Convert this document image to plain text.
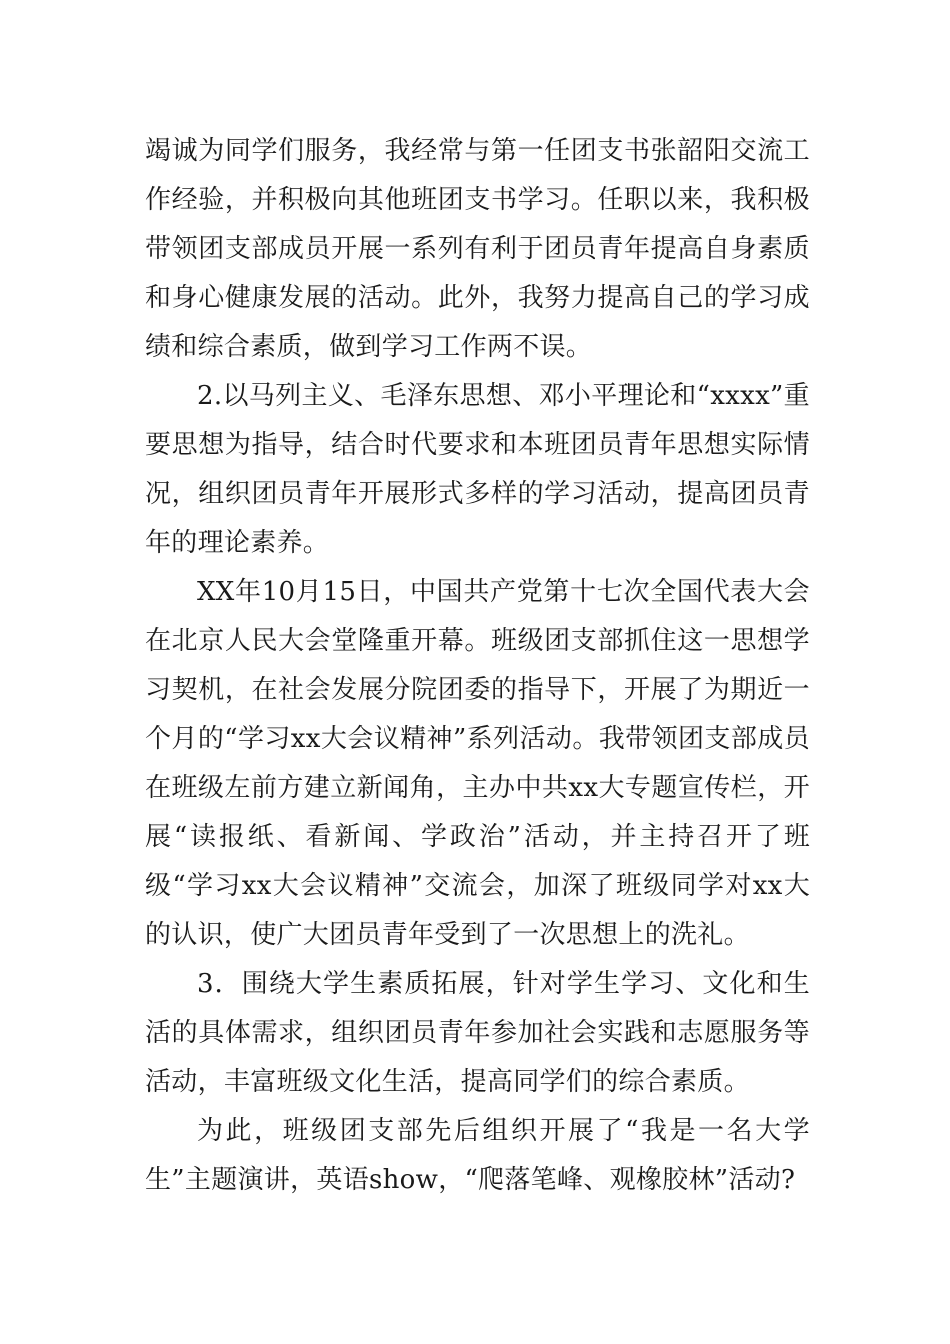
竭诚为同学们服务，我经常与第一任团支书张韶阳交流工作经验，并积极向其他班团支书学习。任职以来，我积极带领团支部成员开展一系列有利于团员青年提高自身素质和身心健康发展的活动。此外，我努力提高自己的学习成绩和综合素质，做到学习工作两不误。

2.以马列主义、毛泽东思想、邓小平理论和“xxxx”重要思想为指导，结合时代要求和本班团员青年思想实际情况，组织团员青年开展形式多样的学习活动，提高团员青年的理论素养。

XX年10月15日，中国共产党第十七次全国代表大会在北京人民大会堂隆重开幕。班级团支部抓住这一思想学习契机，在社会发展分院团委的指导下，开展了为期近一个月的“学习xx大会议精神”系列活动。我带领团支部成员在班级左前方建立新闻角，主办中共xx大专题宣传栏，开展“读报纸、看新闻、学政治”活动，并主持召开了班级“学习xx大会议精神”交流会，加深了班级同学对xx大的认识，使广大团员青年受到了一次思想上的洗礼。

3．围绕大学生素质拓展，针对学生学习、文化和生活的具体需求，组织团员青年参加社会实践和志愿服务等活动，丰富班级文化生活，提高同学们的综合素质。

为此，班级团支部先后组织开展了“我是一名大学生”主题演讲，英语show，“爬落笔峰、观橡胶林”活动?
